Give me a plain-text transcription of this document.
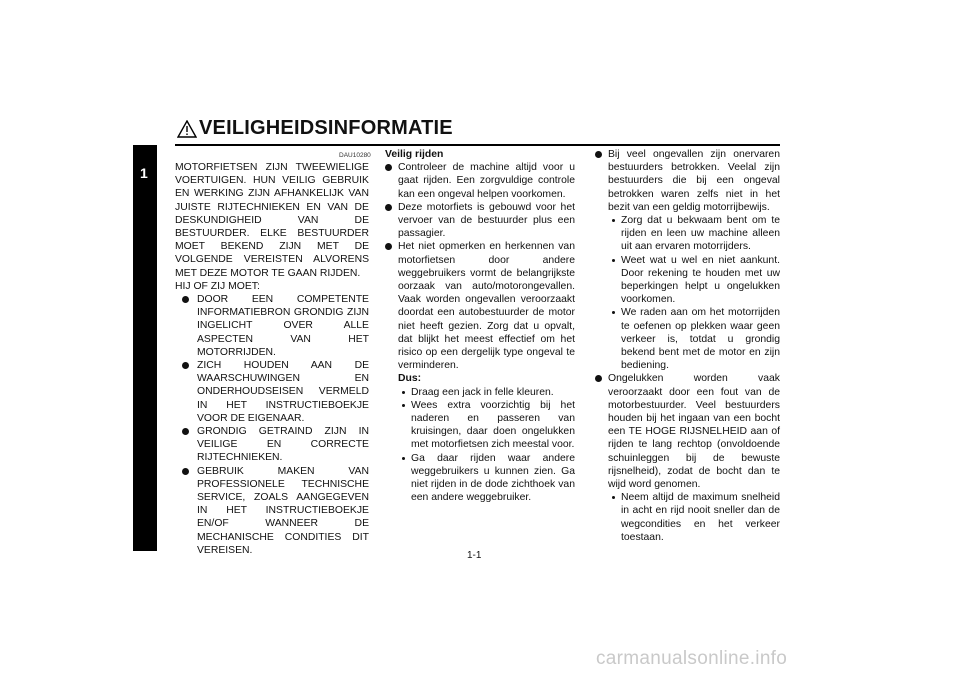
1
VEILIGHEIDSINFORMATIE
DAU10280

MOTORFIETSEN ZIJN TWEEWIELIGE VOERTUIGEN. HUN VEILIG GEBRUIK EN WERKING ZIJN AFHANKELIJK VAN JUISTE RIJTECHNIEKEN EN VAN DE DESKUNDIGHEID VAN DE BESTUURDER. ELKE BESTUURDER MOET BEKEND ZIJN MET DE VOLGENDE VEREISTEN ALVORENS MET DEZE MOTOR TE GAAN RIJDEN.

HIJ OF ZIJ MOET:

DOOR EEN COMPETENTE INFORMATIEBRON GRONDIG ZIJN INGELICHT OVER ALLE ASPECTEN VAN HET MOTORRIJDEN.
ZICH HOUDEN AAN DE WAARSCHUWINGEN EN ONDERHOUDSEISEN VERMELD IN HET INSTRUCTIEBOEKJE VOOR DE EIGENAAR.
GRONDIG GETRAIND ZIJN IN VEILIGE EN CORRECTE RIJTECHNIEKEN.
GEBRUIK MAKEN VAN PROFESSIONELE TECHNISCHE SERVICE, ZOALS AANGEGEVEN IN HET INSTRUCTIEBOEKJE EN/OF WANNEER DE MECHANISCHE CONDITIES DIT VEREISEN.

Veilig rijden

Controleer de machine altijd voor u gaat rijden. Een zorgvuldige controle kan een ongeval helpen voorkomen.
Deze motorfiets is gebouwd voor het vervoer van de bestuurder plus een passagier.
Het niet opmerken en herkennen van motorfietsen door andere weggebruikers vormt de belangrijkste oorzaak van auto/motorongevallen. Vaak worden ongevallen veroorzaakt doordat een autobestuurder de motor niet heeft gezien. Zorg dat u opvalt, dat blijkt het meest effectief om het risico op een dergelijk type ongeval te verminderen.

Dus:

Draag een jack in felle kleuren.
Wees extra voorzichtig bij het naderen en passeren van kruisingen, daar doen ongelukken met motorfietsen zich meestal voor.
Ga daar rijden waar andere weggebruikers u kunnen zien. Ga niet rijden in de dode zichthoek van een andere weggebruiker.

Bij veel ongevallen zijn onervaren bestuurders betrokken. Veelal zijn bestuurders die bij een ongeval betrokken waren zelfs niet in het bezit van een geldig motorrijbewijs.

Zorg dat u bekwaam bent om te rijden en leen uw machine alleen uit aan ervaren motorrijders.
Weet wat u wel en niet aankunt. Door rekening te houden met uw beperkingen helpt u ongelukken voorkomen.
We raden aan om het motorrijden te oefenen op plekken waar geen verkeer is, totdat u grondig bekend bent met de motor en zijn bediening.

Ongelukken worden vaak veroorzaakt door een fout van de motorbestuurder. Veel bestuurders houden bij het ingaan van een bocht een TE HOGE RIJSNELHEID aan of rijden te lang rechtop (onvoldoende schuinleggen bij de bewuste rijsnelheid), zodat de bocht dan te wijd word genomen.

Neem altijd de maximum snelheid in acht en rijd nooit sneller dan de wegcondities en het verkeer toestaan.
1-1
carmanualsonline.info
